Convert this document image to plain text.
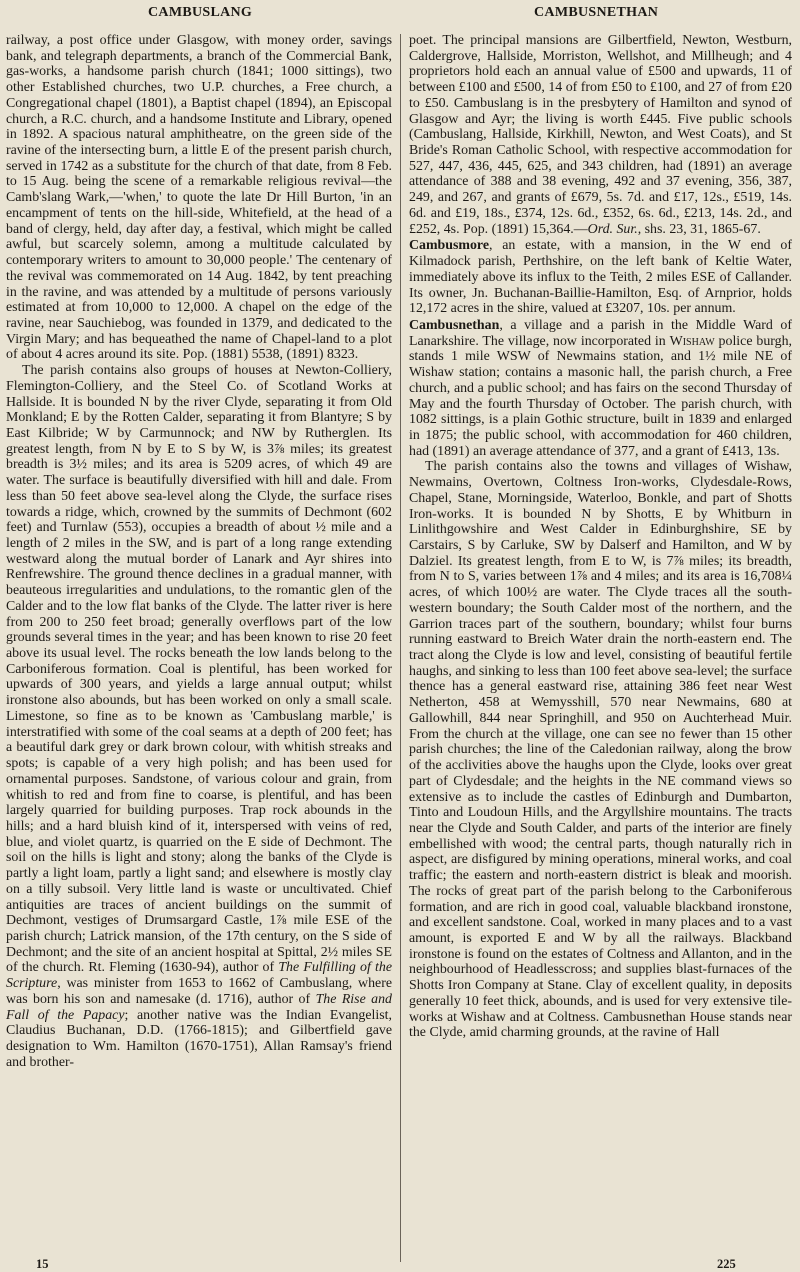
CAMBUSLANG	CAMBUSNETHAN

railway, a post office under Glasgow, with money order, savings bank, and telegraph departments, a branch of the Commercial Bank, gas-works, a handsome parish church (1841; 1000 sittings), two other Established churches, two U.P. churches, a Free church, a Congregational chapel (1801), a Baptist chapel (1894), an Episcopal church, a R.C. church, and a handsome Institute and Library, opened in 1892. A spacious natural amphitheatre, on the green side of the ravine of the intersecting burn, a little E of the present parish church, served in 1742 as a substitute for the church of that date, from 8 Feb. to 15 Aug. being the scene of a remarkable religious revival—the Camb'slang Wark,—'when,' to quote the late Dr Hill Burton, 'in an encampment of tents on the hill-side, Whitefield, at the head of a band of clergy, held, day after day, a festival, which might be called awful, but scarcely solemn, among a multitude calculated by contemporary writers to amount to 30,000 people.' The centenary of the revival was commemorated on 14 Aug. 1842, by tent preaching in the ravine, and was attended by a multitude of persons variously estimated at from 10,000 to 12,000. A chapel on the edge of the ravine, near Sauchiebog, was founded in 1379, and dedicated to the Virgin Mary; and has bequeathed the name of Chapel-land to a plot of about 4 acres around its site. Pop. (1881) 5538, (1891) 8323.

The parish contains also groups of houses at Newton-Colliery, Flemington-Colliery, and the Steel Co. of Scotland Works at Hallside. It is bounded N by the river Clyde, separating it from Old Monkland; E by the Rotten Calder, separating it from Blantyre; S by East Kilbride; W by Carmunnock; and NW by Rutherglen. Its greatest length, from N by E to S by W, is 3⅞ miles; its greatest breadth is 3½ miles; and its area is 5209 acres, of which 49 are water. The surface is beautifully diversified with hill and dale. From less than 50 feet above sea-level along the Clyde, the surface rises towards a ridge, which, crowned by the summits of Dechmont (602 feet) and Turnlaw (553), occupies a breadth of about ½ mile and a length of 2 miles in the SW, and is part of a long range extending westward along the mutual border of Lanark and Ayr shires into Renfrewshire. The ground thence declines in a gradual manner, with beauteous irregularities and undulations, to the romantic glen of the Calder and to the low flat banks of the Clyde. The latter river is here from 200 to 250 feet broad; generally overflows part of the low grounds several times in the year; and has been known to rise 20 feet above its usual level. The rocks beneath the low lands belong to the Carboniferous formation. Coal is plentiful, has been worked for upwards of 300 years, and yields a large annual output; whilst ironstone also abounds, but has been worked on only a small scale. Limestone, so fine as to be known as 'Cambuslang marble,' is interstratified with some of the coal seams at a depth of 200 feet; has a beautiful dark grey or dark brown colour, with whitish streaks and spots; is capable of a very high polish; and has been used for ornamental purposes. Sandstone, of various colour and grain, from whitish to red and from fine to coarse, is plentiful, and has been largely quarried for building purposes. Trap rock abounds in the hills; and a hard bluish kind of it, interspersed with veins of red, blue, and violet quartz, is quarried on the E side of Dechmont. The soil on the hills is light and stony; along the banks of the Clyde is partly a light loam, partly a light sand; and elsewhere is mostly clay on a tilly subsoil. Very little land is waste or uncultivated. Chief antiquities are traces of ancient buildings on the summit of Dechmont, vestiges of Drumsargard Castle, 1⅞ mile ESE of the parish church; Latrick mansion, of the 17th century, on the S side of Dechmont; and the site of an ancient hospital at Spittal, 2½ miles SE of the church. Rt. Fleming (1630-94), author of The Fulfilling of the Scripture, was minister from 1653 to 1662 of Cambuslang, where was born his son and namesake (d. 1716), author of The Rise and Fall of the Papacy; another native was the Indian Evangelist, Claudius Buchanan, D.D. (1766-1815); and Gilbertfield gave designation to Wm. Hamilton (1670-1751), Allan Ramsay's friend and brother-

poet. The principal mansions are Gilbertfield, Newton, Westburn, Caldergrove, Hallside, Morriston, Wellshot, and Millheugh; and 4 proprietors hold each an annual value of £500 and upwards, 11 of between £100 and £500, 14 of from £50 to £100, and 27 of from £20 to £50. Cambuslang is in the presbytery of Hamilton and synod of Glasgow and Ayr; the living is worth £445. Five public schools (Cambuslang, Hallside, Kirkhill, Newton, and West Coats), and St Bride's Roman Catholic School, with respective accommodation for 527, 447, 436, 445, 625, and 343 children, had (1891) an average attendance of 388 and 38 evening, 492 and 37 evening, 356, 387, 249, and 267, and grants of £679, 5s. 7d. and £17, 12s., £519, 14s. 6d. and £19, 18s., £374, 12s. 6d., £352, 6s. 6d., £213, 14s. 2d., and £252, 4s. Pop. (1891) 15,364.—Ord. Sur., shs. 23, 31, 1865-67.

Cambusmore, an estate, with a mansion, in the W end of Kilmadock parish, Perthshire, on the left bank of Keltie Water, immediately above its influx to the Teith, 2 miles ESE of Callander. Its owner, Jn. Buchanan-Baillie-Hamilton, Esq. of Arnprior, holds 12,172 acres in the shire, valued at £3207, 10s. per annum.

Cambusnethan, a village and a parish in the Middle Ward of Lanarkshire. The village, now incorporated in Wishaw police burgh, stands 1 mile WSW of Newmains station, and 1½ mile NE of Wishaw station; contains a masonic hall, the parish church, a Free church, and a public school; and has fairs on the second Thursday of May and the fourth Thursday of October. The parish church, with 1082 sittings, is a plain Gothic structure, built in 1839 and enlarged in 1875; the public school, with accommodation for 460 children, had (1891) an average attendance of 377, and a grant of £413, 13s.

The parish contains also the towns and villages of Wishaw, Newmains, Overtown, Coltness Iron-works, Clydesdale-Rows, Chapel, Stane, Morningside, Waterloo, Bonkle, and part of Shotts Iron-works. It is bounded N by Shotts, E by Whitburn in Linlithgowshire and West Calder in Edinburghshire, SE by Carstairs, S by Carluke, SW by Dalserf and Hamilton, and W by Dalziel. Its greatest length, from E to W, is 7⅞ miles; its breadth, from N to S, varies between 1⅞ and 4 miles; and its area is 16,708¼ acres, of which 100½ are water. The Clyde traces all the south-western boundary; the South Calder most of the northern, and the Garrion traces part of the southern, boundary; whilst four burns running eastward to Breich Water drain the north-eastern end. The tract along the Clyde is low and level, consisting of beautiful fertile haughs, and sinking to less than 100 feet above sea-level; the surface thence has a general eastward rise, attaining 386 feet near West Netherton, 458 at Wemysshill, 570 near Newmains, 680 at Gallowhill, 844 near Springhill, and 950 on Auchterhead Muir. From the church at the village, one can see no fewer than 15 other parish churches; the line of the Caledonian railway, along the brow of the acclivities above the haughs upon the Clyde, looks over great part of Clydesdale; and the heights in the NE command views so extensive as to include the castles of Edinburgh and Dumbarton, Tinto and Loudoun Hills, and the Argyllshire mountains. The tracts near the Clyde and South Calder, and parts of the interior are finely embellished with wood; the central parts, though naturally rich in aspect, are disfigured by mining operations, mineral works, and coal traffic; the eastern and north-eastern district is bleak and moorish. The rocks of great part of the parish belong to the Carboniferous formation, and are rich in good coal, valuable blackband ironstone, and excellent sandstone. Coal, worked in many places and to a vast amount, is exported E and W by all the railways. Blackband ironstone is found on the estates of Coltness and Allanton, and in the neighbourhood of Headlesscross; and supplies blast-furnaces of the Shotts Iron Company at Stane. Clay of excellent quality, in deposits generally 10 feet thick, abounds, and is used for very extensive tile-works at Wishaw and at Coltness. Cambusnethan House stands near the Clyde, amid charming grounds, at the ravine of Hall

15	225
